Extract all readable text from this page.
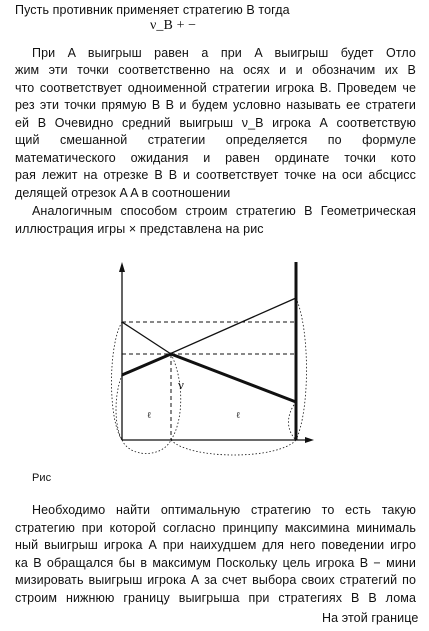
Пусть противник применяет стратегию B тогда
ν_B + −
При A выигрыш равен а при A выигрыш будет Отло
жим эти точки соответственно на осях и и обозначим их B
что соответствует одноименной стратегии игрока В. Проведем че
рез эти точки прямую B B и будем условно называть ее стратеги
ей B Очевидно средний выигрыш ν_B игрока А соответствую
щий смешанной стратегии определяется по формуле
математического ожидания и равен ординате точки кото
рая лежит на отрезке B B и соответствует точке на оси абсцисс
делящей отрезок A A в соотношении
Аналогичным способом строим стратегию B Геометрическая
иллюстрация игры × представлена на рис
ν
ℓ	ℓ
Рис
Необходимо найти оптимальную стратегию то есть такую
стратегию при которой согласно принципу максимина минималь
ный выигрыш игрока А при наихудшем для него поведении игро
ка В обращался бы в максимум Поскольку цель игрока В − мини
мизировать выигрыш игрока А за счет выбора своих стратегий по
строим нижнюю границу выигрыша при стратегиях B B лома
На этой границе
